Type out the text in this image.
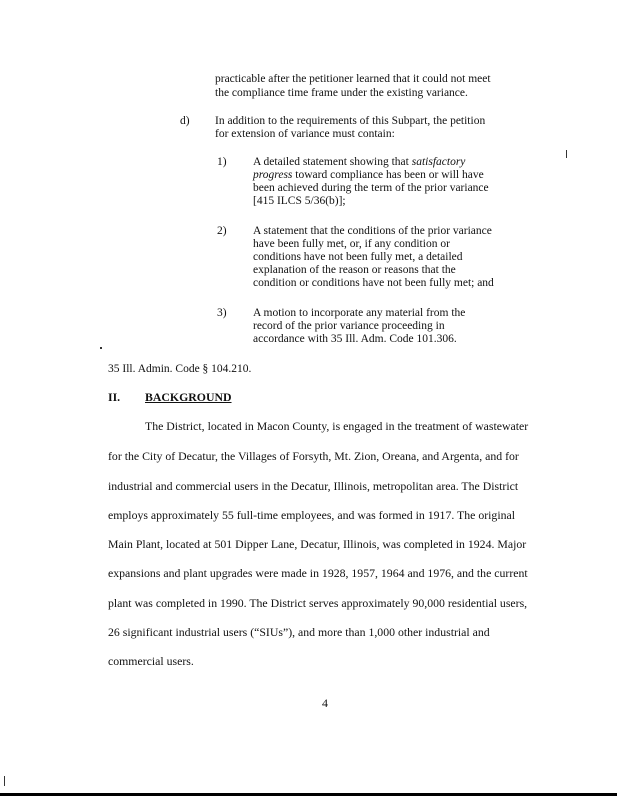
practicable after the petitioner learned that it could not meet
the compliance time frame under the existing variance.
d) In addition to the requirements of this Subpart, the petition
for extension of variance must contain:
1) A detailed statement showing that satisfactory
progress toward compliance has been or will have
been achieved during the term of the prior variance
[415 ILCS 5/36(b)];
2) A statement that the conditions of the prior variance
have been fully met, or, if any condition or
conditions have not been fully met, a detailed
explanation of the reason or reasons that the
condition or conditions have not been fully met; and
3) A motion to incorporate any material from the
record of the prior variance proceeding in
accordance with 35 Ill. Adm. Code 101.306.
35 Ill. Admin. Code § 104.210.
II. BACKGROUND
The District, located in Macon County, is engaged in the treatment of wastewater
for the City of Decatur, the Villages of Forsyth, Mt. Zion, Oreana, and Argenta, and for
industrial and commercial users in the Decatur, Illinois, metropolitan area. The District
employs approximately 55 full-time employees, and was formed in 1917. The original
Main Plant, located at 501 Dipper Lane, Decatur, Illinois, was completed in 1924. Major
expansions and plant upgrades were made in 1928, 1957, 1964 and 1976, and the current
plant was completed in 1990. The District serves approximately 90,000 residential users,
26 significant industrial users (“SIUs”), and more than 1,000 other industrial and
commercial users.
4
